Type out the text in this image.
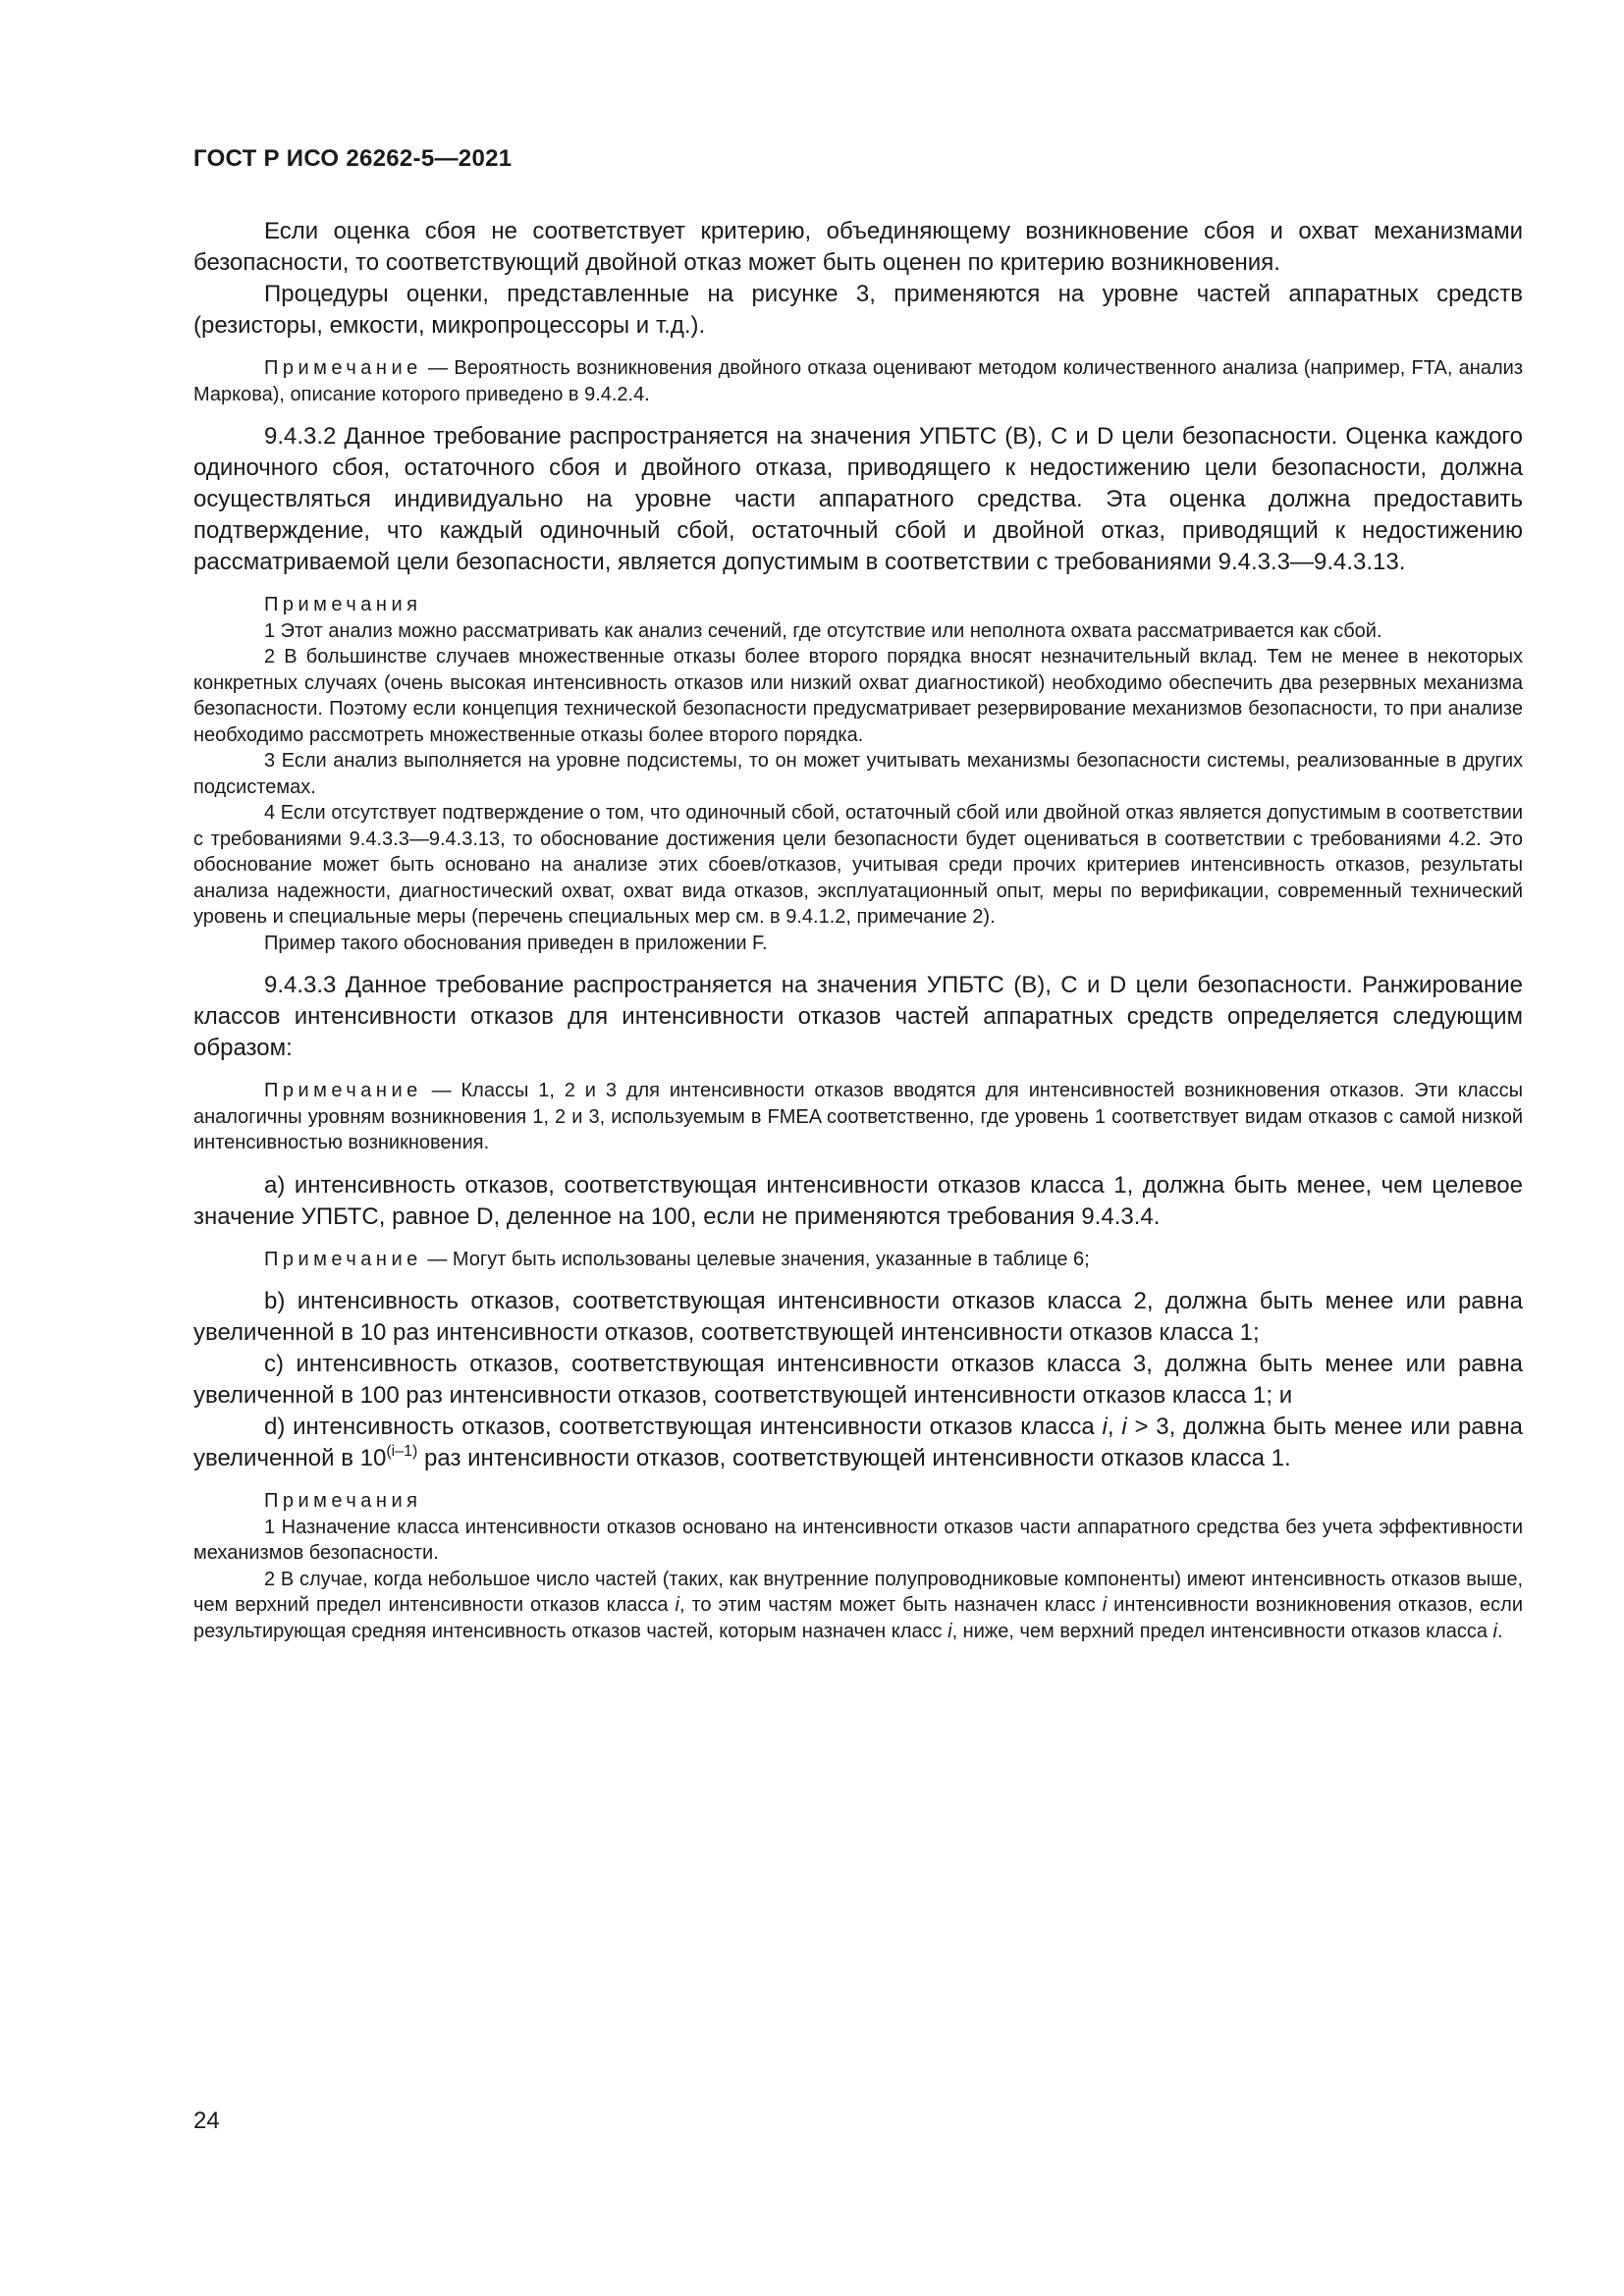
ГОСТ Р ИСО 26262-5—2021

Если оценка сбоя не соответствует критерию, объединяющему возникновение сбоя и охват механизмами безопасности, то соответствующий двойной отказ может быть оценен по критерию возникновения.

Процедуры оценки, представленные на рисунке 3, применяются на уровне частей аппаратных средств (резисторы, емкости, микропроцессоры и т.д.).

Примечание — Вероятность возникновения двойного отказа оценивают методом количественного анализа (например, FTA, анализ Маркова), описание которого приведено в 9.4.2.4.

9.4.3.2 Данное требование распространяется на значения УПБТС (B), С и D цели безопасности. Оценка каждого одиночного сбоя, остаточного сбоя и двойного отказа, приводящего к недостижению цели безопасности, должна осуществляться индивидуально на уровне части аппаратного средства. Эта оценка должна предоставить подтверждение, что каждый одиночный сбой, остаточный сбой и двойной отказ, приводящий к недостижению рассматриваемой цели безопасности, является допустимым в соответствии с требованиями 9.4.3.3—9.4.3.13.

Примечания

1 Этот анализ можно рассматривать как анализ сечений, где отсутствие или неполнота охвата рассматривается как сбой.

2 В большинстве случаев множественные отказы более второго порядка вносят незначительный вклад. Тем не менее в некоторых конкретных случаях (очень высокая интенсивность отказов или низкий охват диагностикой) необходимо обеспечить два резервных механизма безопасности. Поэтому если концепция технической безопасности предусматривает резервирование механизмов безопасности, то при анализе необходимо рассмотреть множественные отказы более второго порядка.

3 Если анализ выполняется на уровне подсистемы, то он может учитывать механизмы безопасности системы, реализованные в других подсистемах.

4 Если отсутствует подтверждение о том, что одиночный сбой, остаточный сбой или двойной отказ является допустимым в соответствии с требованиями 9.4.3.3—9.4.3.13, то обоснование достижения цели безопасности будет оцениваться в соответствии с требованиями 4.2. Это обоснование может быть основано на анализе этих сбоев/отказов, учитывая среди прочих критериев интенсивность отказов, результаты анализа надежности, диагностический охват, охват вида отказов, эксплуатационный опыт, меры по верификации, современный технический уровень и специальные меры (перечень специальных мер см. в 9.4.1.2, примечание 2).

Пример такого обоснования приведен в приложении F.

9.4.3.3 Данное требование распространяется на значения УПБТС (B), С и D цели безопасности. Ранжирование классов интенсивности отказов для интенсивности отказов частей аппаратных средств определяется следующим образом:

Примечание — Классы 1, 2 и 3 для интенсивности отказов вводятся для интенсивностей возникновения отказов. Эти классы аналогичны уровням возникновения 1, 2 и 3, используемым в FMEA соответственно, где уровень 1 соответствует видам отказов с самой низкой интенсивностью возникновения.

a) интенсивность отказов, соответствующая интенсивности отказов класса 1, должна быть менее, чем целевое значение УПБТС, равное D, деленное на 100, если не применяются требования 9.4.3.4.

Примечание — Могут быть использованы целевые значения, указанные в таблице 6;

b) интенсивность отказов, соответствующая интенсивности отказов класса 2, должна быть менее или равна увеличенной в 10 раз интенсивности отказов, соответствующей интенсивности отказов класса 1;

c) интенсивность отказов, соответствующая интенсивности отказов класса 3, должна быть менее или равна увеличенной в 100 раз интенсивности отказов, соответствующей интенсивности отказов класса 1; и

d) интенсивность отказов, соответствующая интенсивности отказов класса i, i > 3, должна быть менее или равна увеличенной в 10$^{(i-1)}$ раз интенсивности отказов, соответствующей интенсивности отказов класса 1.

Примечания

1 Назначение класса интенсивности отказов основано на интенсивности отказов части аппаратного средства без учета эффективности механизмов безопасности.

2 В случае, когда небольшое число частей (таких, как внутренние полупроводниковые компоненты) имеют интенсивность отказов выше, чем верхний предел интенсивности отказов класса i, то этим частям может быть назначен класс i интенсивности возникновения отказов, если результирующая средняя интенсивность отказов частей, которым назначен класс i, ниже, чем верхний предел интенсивности отказов класса i.

24
